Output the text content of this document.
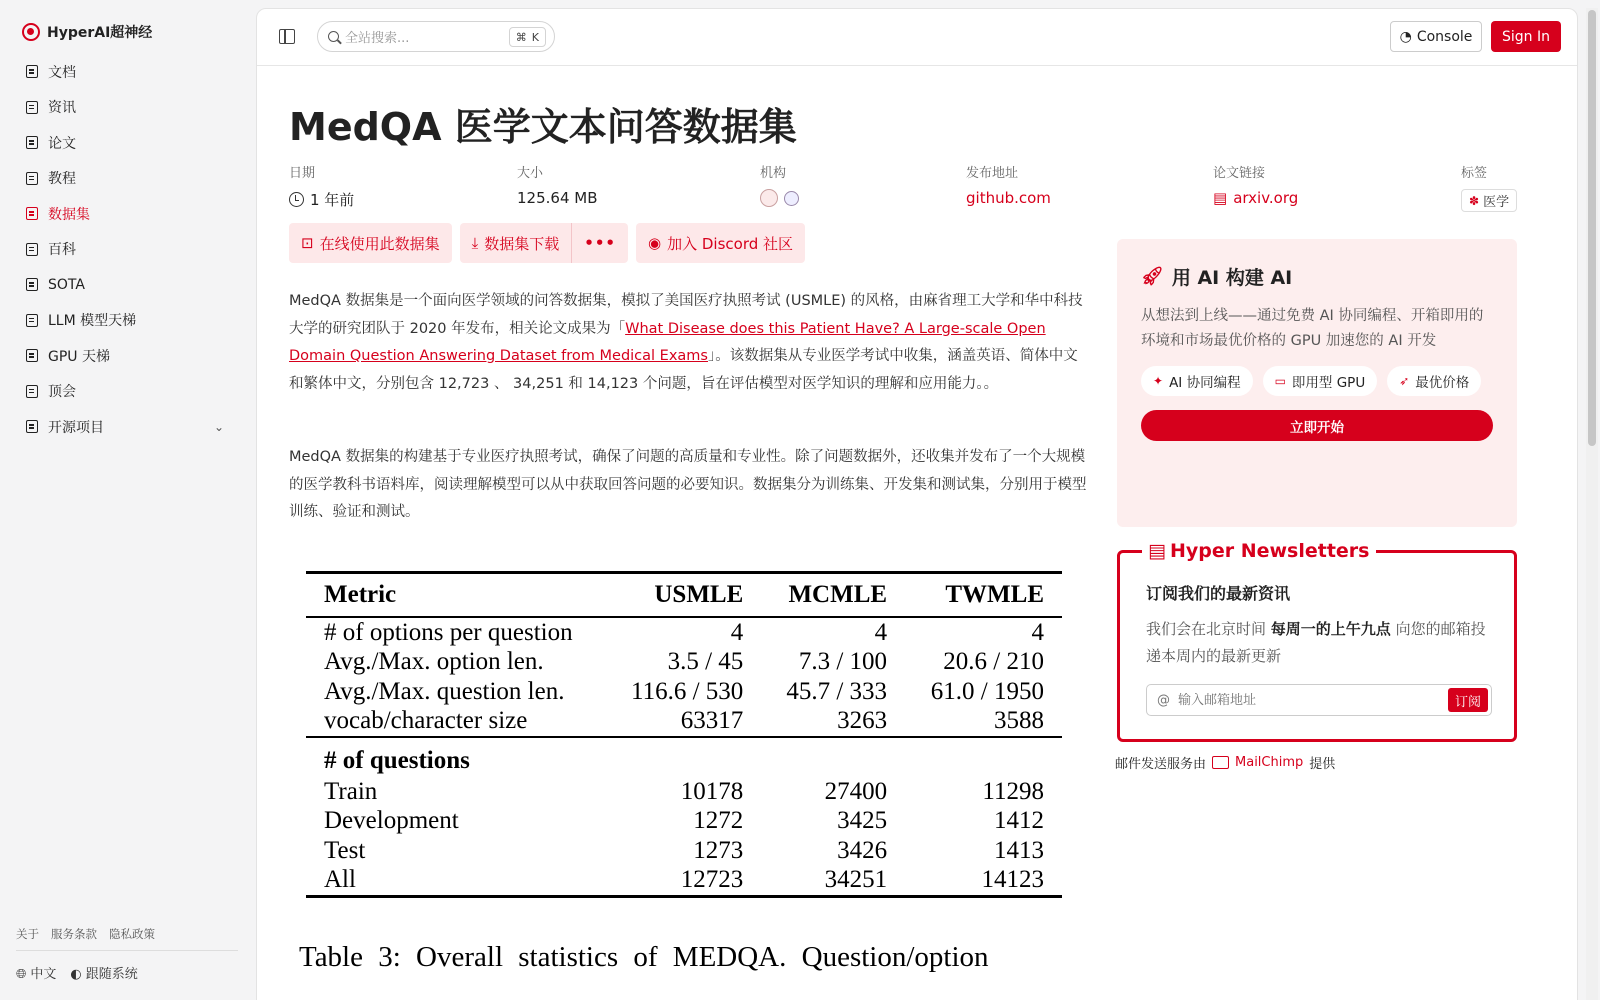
HyperAI超神经
文档
资讯
论文
教程
数据集
百科
SOTA
LLM 模型天梯
GPU 天梯
顶会
开源项目	⌄
关于 服务条款 隐私政策
🌐︎ 中文 ◐ 跟随系统
全站搜索...	⌘ K	◔ Console	Sign In
MedQA 医学文本问答数据集
日期
1 年前
大小
125.64 MB
机构	发布地址
github.com
论文链接
▤ arxiv.org
标签
✽ 医学
⊡ 在线使用此数据集 ⤓ 数据集下载	•••	◉ 加入 Discord 社区

MedQA 数据集是一个面向医学领域的问答数据集，模拟了美国医疗执照考试 (USMLE) 的风格，由麻省理工大学和华中科技大学的研究团队于 2020 年发布，相关论文成果为「What Disease does this Patient Have? A Large-scale Open Domain Question Answering Dataset from Medical Exams」。该数据集从专业医学考试中收集，涵盖英语、简体中文和繁体中文，分别包含 12,723 、 34,251 和 14,123 个问题，旨在评估模型对医学知识的理解和应用能力。。

MedQA 数据集的构建基于专业医疗执照考试，确保了问题的高质量和专业性。除了问题数据外，还收集并发布了一个大规模的医学教科书语料库，阅读理解模型可以从中获取回答问题的必要知识。数据集分为训练集、开发集和测试集，分别用于模型训练、验证和测试。

Metric	USMLE	MCMLE	TWMLE
# of options per question	4	4	4
Avg./Max. option len.	3.5 / 45	7.3 / 100	20.6 / 210
Avg./Max. question len.	116.6 / 530	45.7 / 333	61.0 / 1950
vocab/character size	63317	3263	3588
# of questions			
Train	10178	27400	11298
Development	1272	3425	1412
Test	1273	3426	1413
All	12723	34251	14123
Table 3: Overall statistics of MEDQA. Question/option
🚀︎ 用 AI 构建 AI

从想法到上线——通过免费 AI 协同编程、开箱即用的环境和市场最优价格的 GPU 加速您的 AI 开发

✦ AI 协同编程	▭ 即用型 GPU	➶ 最优价格
立即开始
▤ Hyper Newsletters
订阅我们的最新资讯
我们会在北京时间 每周一的上午九点 向您的邮箱投递本周内的最新更新
@
输入邮箱地址	订阅
邮件发送服务由 MailChimp 提供
